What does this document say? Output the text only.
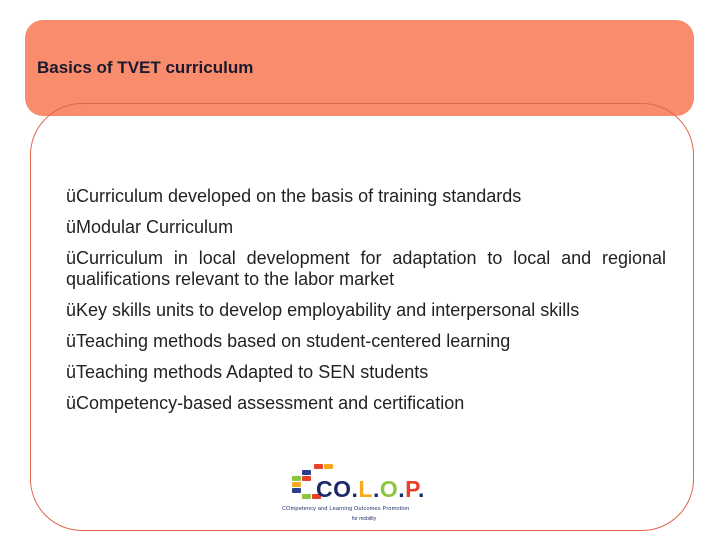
Basics of TVET curriculum
üCurriculum developed on the basis of training standards
üModular Curriculum
üCurriculum in local development for adaptation to local and regional qualifications relevant to the labor market
üKey skills units to develop employability and interpersonal skills
üTeaching methods based on student-centered learning
üTeaching methods Adapted to SEN students
üCompetency-based assessment and certification
CO.L.O.P.
COmpetency and Learning Outcomes Promotion
for mobility
